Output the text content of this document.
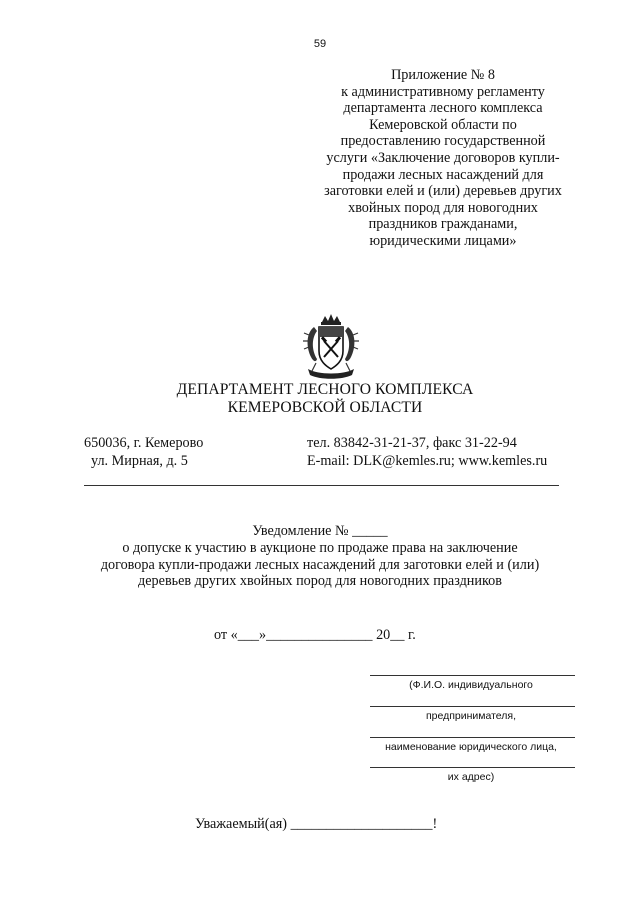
59
Приложение № 8
к административному регламенту
департамента лесного комплекса
Кемеровской области по
предоставлению государственной
услуги «Заключение договоров купли-
продажи лесных насаждений для
заготовки елей и (или) деревьев других
хвойных пород для новогодних
праздников гражданами,
юридическими лицами»
ДЕПАРТАМЕНТ ЛЕСНОГО КОМПЛЕКСА
КЕМЕРОВСКОЙ ОБЛАСТИ
650036, г. Кемерово
ул. Мирная, д. 5
тел. 83842-31-21-37, факс 31-22-94
E-mail: DLK@kemles.ru; www.kemles.ru
Уведомление № _____
о допуске к участию в аукционе по продаже права на заключение
договора купли-продажи лесных насаждений для заготовки елей и (или)
деревьев других хвойных пород для новогодних праздников
от «___»_______________ 20__ г.
(Ф.И.О. индивидуального
предпринимателя,
наименование юридического лица,
их адрес)
Уважаемый(ая) ____________________!
